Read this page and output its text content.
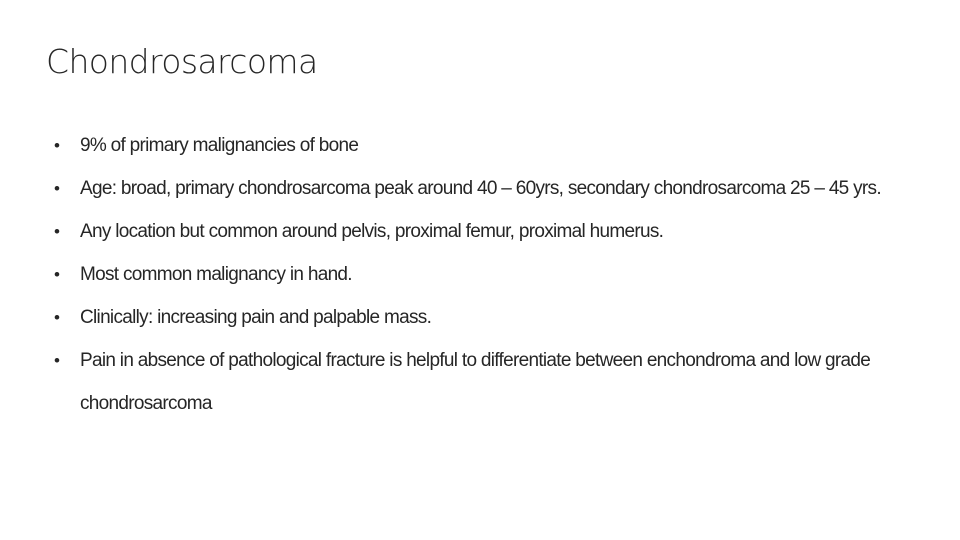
Chondrosarcoma
• 9% of primary malignancies of bone
• Age: broad, primary chondrosarcoma peak around 40 – 60yrs, secondary chondrosarcoma 25 – 45 yrs.
• Any location but common around pelvis, proximal femur, proximal humerus.
• Most common malignancy in hand.
• Clinically: increasing pain and palpable mass.
• Pain in absence of pathological fracture is helpful to differentiate between enchondroma and low grade chondrosarcoma
